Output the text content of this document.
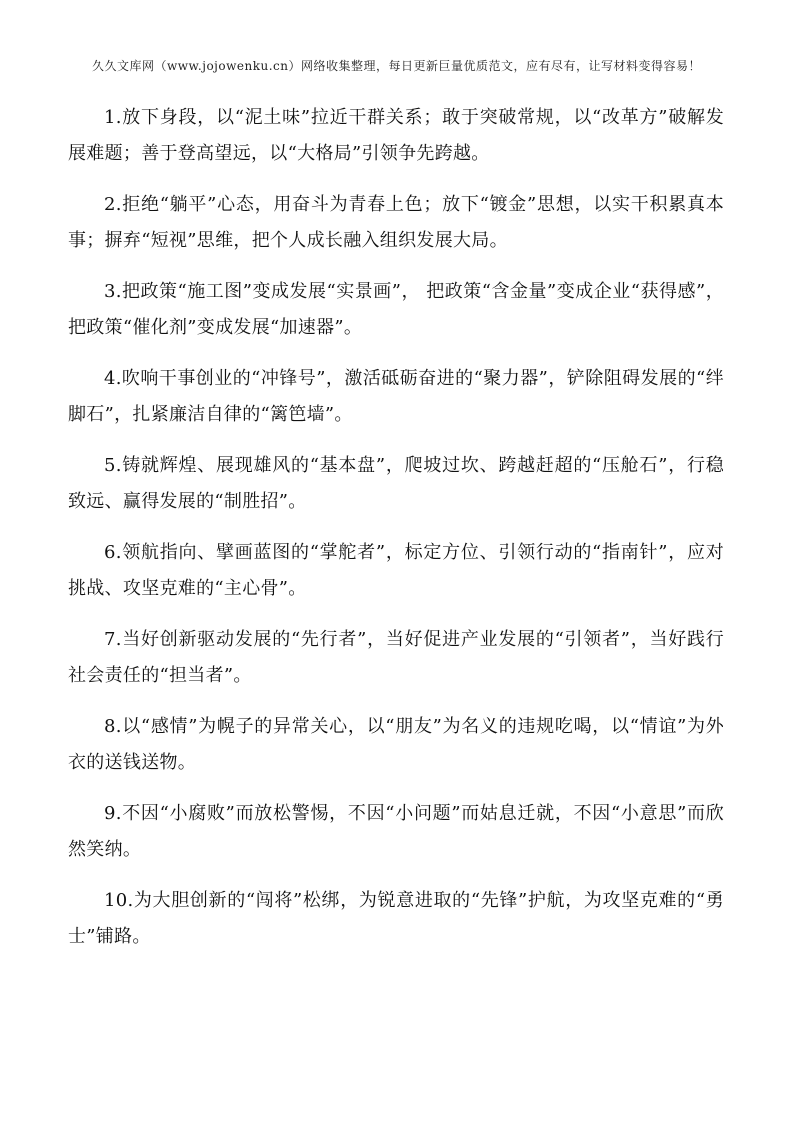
久久文库网（www.jojowenku.cn）网络收集整理，每日更新巨量优质范文，应有尽有，让写材料变得容易！

1.放下身段，以“泥土味”拉近干群关系；敢于突破常规，以“改革方”破解发展难题；善于登高望远，以“大格局”引领争先跨越。

2.拒绝“躺平”心态，用奋斗为青春上色；放下“镀金”思想，以实干积累真本事；摒弃“短视”思维，把个人成长融入组织发展大局。

3.把政策“施工图”变成发展“实景画”， 把政策“含金量”变成企业“获得感”，把政策“催化剂”变成发展“加速器”。

4.吹响干事创业的“冲锋号”，激活砥砺奋进的“聚力器”，铲除阻碍发展的“绊脚石”，扎紧廉洁自律的“篱笆墙”。

5.铸就辉煌、展现雄风的“基本盘”，爬坡过坎、跨越赶超的“压舱石”，行稳致远、赢得发展的“制胜招”。

6.领航指向、擘画蓝图的“掌舵者”，标定方位、引领行动的“指南针”，应对挑战、攻坚克难的“主心骨”。

7.当好创新驱动发展的“先行者”，当好促进产业发展的“引领者”，当好践行社会责任的“担当者”。

8.以“感情”为幌子的异常关心，以“朋友”为名义的违规吃喝，以“情谊”为外衣的送钱送物。

9.不因“小腐败”而放松警惕，不因“小问题”而姑息迁就，不因“小意思”而欣然笑纳。

10.为大胆创新的“闯将”松绑，为锐意进取的“先锋”护航，为攻坚克难的“勇士”铺路。
